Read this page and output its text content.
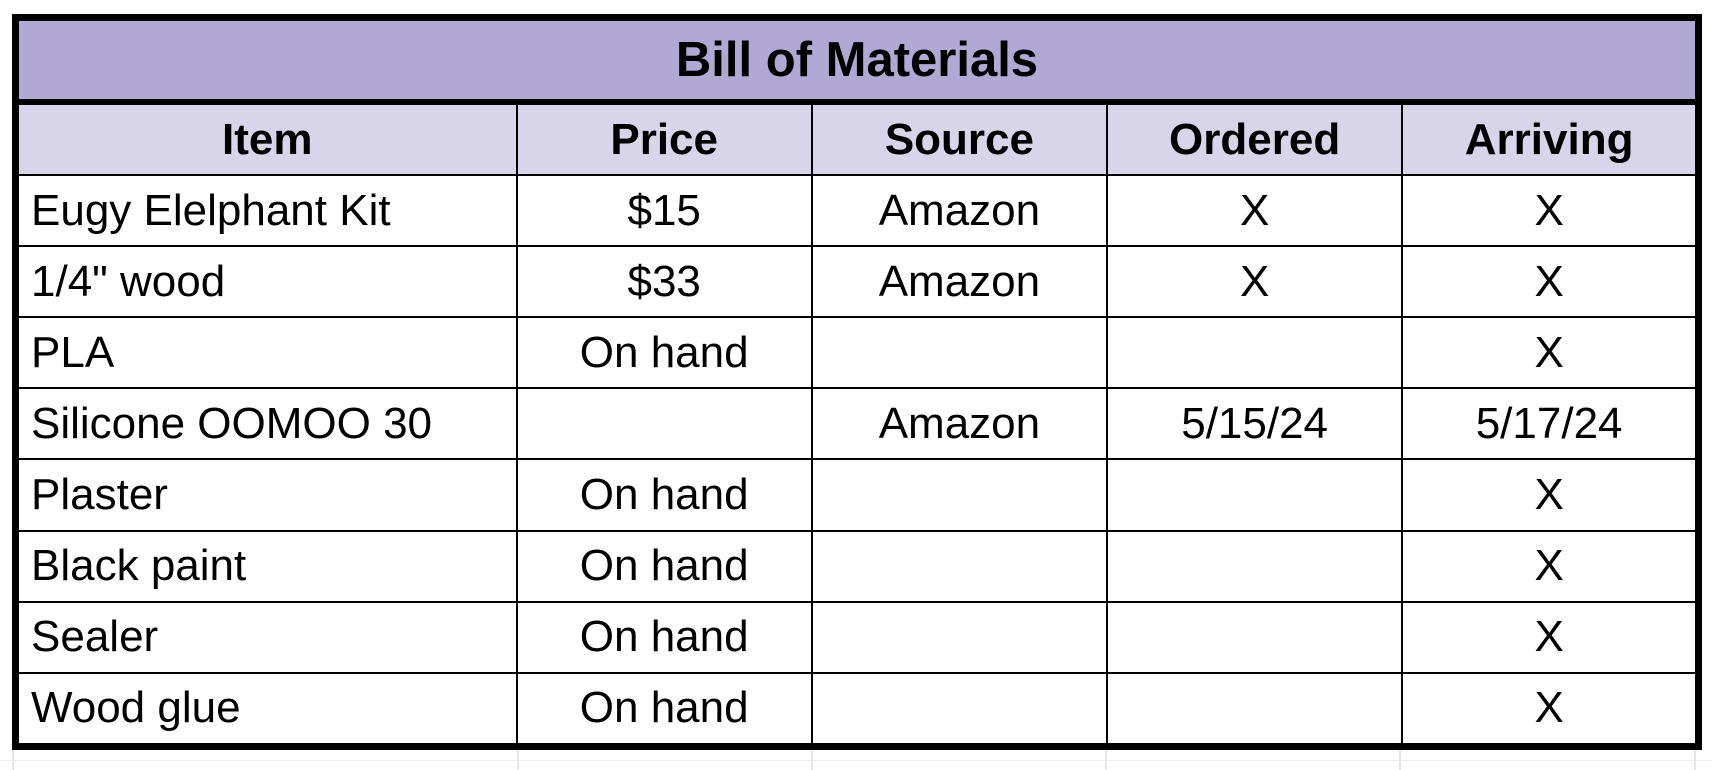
Bill of Materials				
Item	Price	Source	Ordered	Arriving
Eugy Elelphant Kit	$15	Amazon	X	X
1/4" wood	$33	Amazon	X	X
PLA	On hand			X
Silicone OOMOO 30		Amazon	5/15/24	5/17/24
Plaster	On hand			X
Black paint	On hand			X
Sealer	On hand			X
Wood glue	On hand			X
